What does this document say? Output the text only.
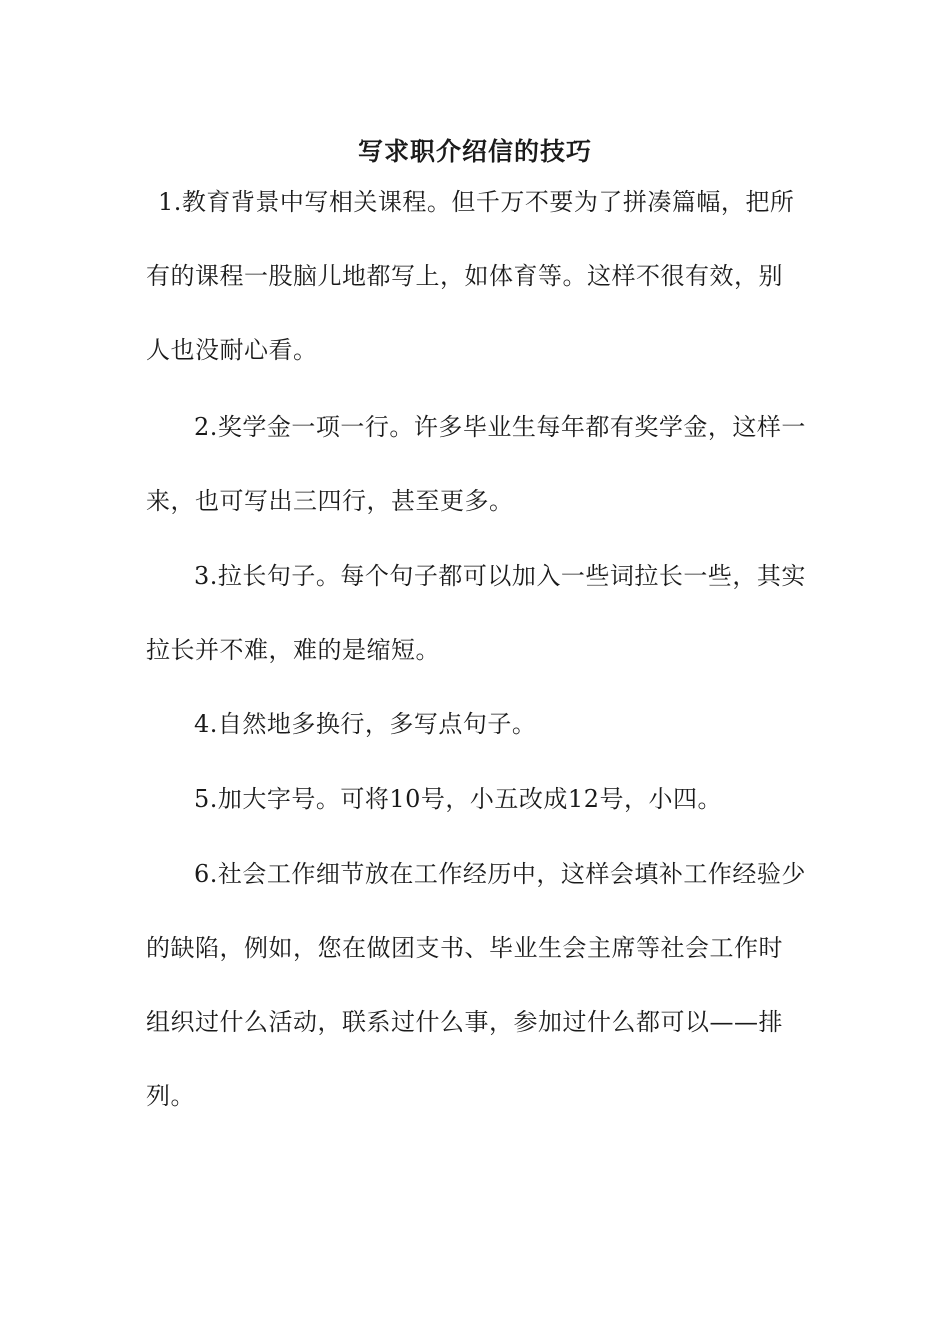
写求职介绍信的技巧

1.教育背景中写相关课程。但千万不要为了拼凑篇幅，把所有的课程一股脑儿地都写上，如体育等。这样不很有效，别人也没耐心看。

2.奖学金一项一行。许多毕业生每年都有奖学金，这样一来，也可写出三四行，甚至更多。

3.拉长句子。每个句子都可以加入一些词拉长一些，其实拉长并不难，难的是缩短。

4.自然地多换行，多写点句子。

5.加大字号。可将10号，小五改成12号，小四。

6.社会工作细节放在工作经历中，这样会填补工作经验少的缺陷，例如，您在做团支书、毕业生会主席等社会工作时组织过什么活动，联系过什么事，参加过什么都可以——排列。
